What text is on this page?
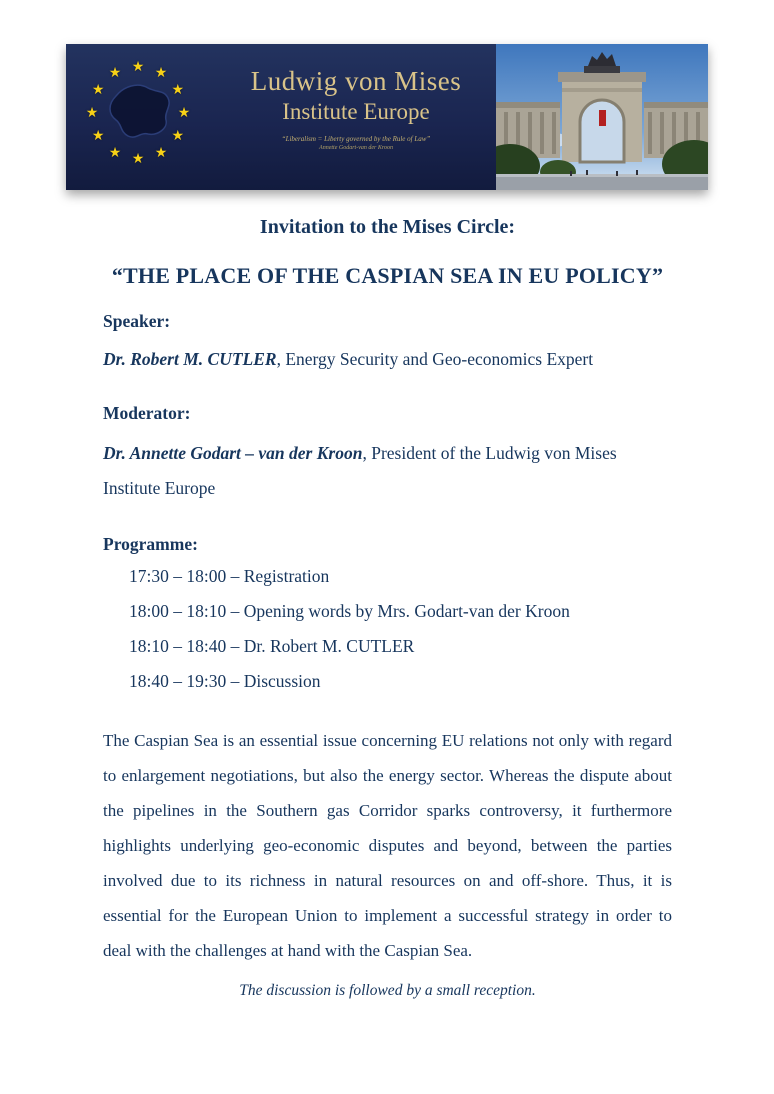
★ ★
★
★
★
★
★
★
★
★
★
★	Ludwig von Mises
Institute Europe
“Liberalism = Liberty governed by the Rule of Law”
Annette Godart-van der Kroon
Invitation to the Mises Circle:
“THE PLACE OF THE CASPIAN SEA IN EU POLICY”

Speaker:

Dr. Robert M. CUTLER, Energy Security and Geo-economics Expert

Moderator:

Dr. Annette Godart – van der Kroon, President of the Ludwig von Mises Institute Europe

Programme:

17:30 – 18:00 – Registration

18:00 – 18:10 – Opening words by Mrs. Godart-van der Kroon

18:10 – 18:40 – Dr. Robert M. CUTLER

18:40 – 19:30 – Discussion

The Caspian Sea is an essential issue concerning EU relations not only with regard to enlargement negotiations, but also the energy sector. Whereas the dispute about the pipelines in the Southern gas Corridor sparks controversy, it furthermore highlights underlying geo-economic disputes and beyond, between the parties involved due to its richness in natural resources on and off-shore. Thus, it is essential for the European Union to implement a successful strategy in order to deal with the challenges at hand with the Caspian Sea.

The discussion is followed by a small reception.
